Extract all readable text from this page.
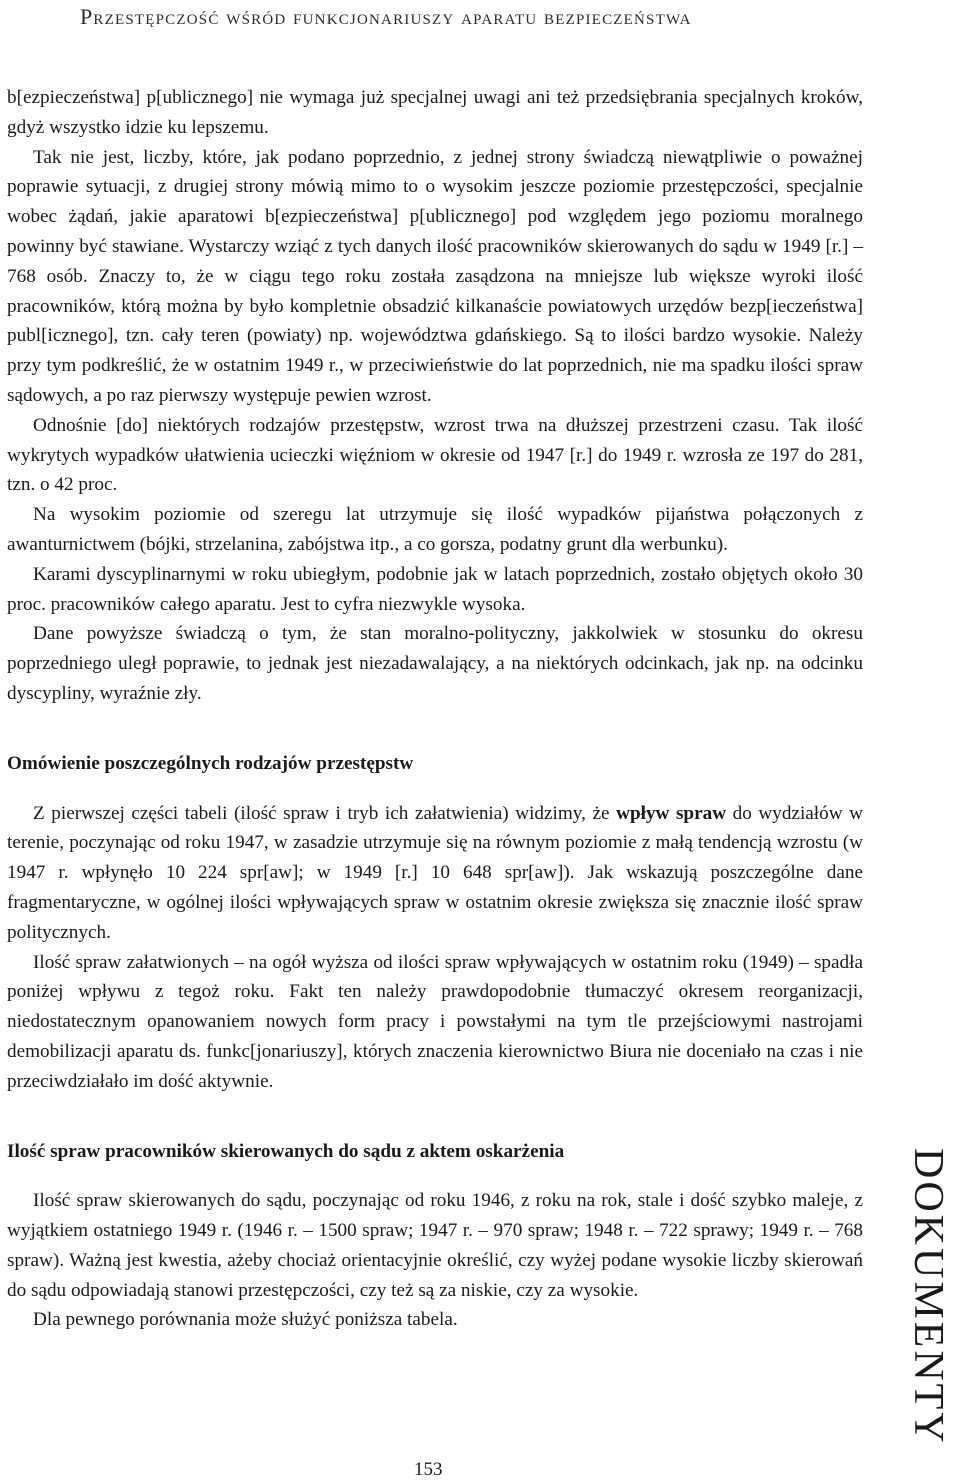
Przestępczość wśród funkcjonariuszy aparatu bezpieczeństwa

b[ezpieczeństwa] p[ublicznego] nie wymaga już specjalnej uwagi ani też przedsiębrania specjalnych kroków, gdyż wszystko idzie ku lepszemu.

Tak nie jest, liczby, które, jak podano poprzednio, z jednej strony świadczą niewątpliwie o poważnej poprawie sytuacji, z drugiej strony mówią mimo to o wysokim jeszcze poziomie przestępczości, specjalnie wobec żądań, jakie aparatowi b[ezpieczeństwa] p[ublicznego] pod względem jego poziomu moralnego powinny być stawiane. Wystarczy wziąć z tych danych ilość pracowników skierowanych do sądu w 1949 [r.] – 768 osób. Znaczy to, że w ciągu tego roku została zasądzona na mniejsze lub większe wyroki ilość pracowników, którą można by było kompletnie obsadzić kilkanaście powiatowych urzędów bezp[ieczeństwa] publ[icznego], tzn. cały teren (powiaty) np. województwa gdańskiego. Są to ilości bardzo wysokie. Należy przy tym podkreślić, że w ostatnim 1949 r., w przeciwieństwie do lat poprzednich, nie ma spadku ilości spraw sądowych, a po raz pierwszy występuje pewien wzrost.

Odnośnie [do] niektórych rodzajów przestępstw, wzrost trwa na dłuższej przestrzeni czasu. Tak ilość wykrytych wypadków ułatwienia ucieczki więźniom w okresie od 1947 [r.] do 1949 r. wzrosła ze 197 do 281, tzn. o 42 proc.

Na wysokim poziomie od szeregu lat utrzymuje się ilość wypadków pijaństwa połączonych z awanturnictwem (bójki, strzelanina, zabójstwa itp., a co gorsza, podatny grunt dla werbunku).

Karami dyscyplinarnymi w roku ubiegłym, podobnie jak w latach poprzednich, zostało objętych około 30 proc. pracowników całego aparatu. Jest to cyfra niezwykle wysoka.

Dane powyższe świadczą o tym, że stan moralno-polityczny, jakkolwiek w stosunku do okresu poprzedniego uległ poprawie, to jednak jest niezadawalający, a na niektórych odcinkach, jak np. na odcinku dyscypliny, wyraźnie zły.

Omówienie poszczególnych rodzajów przestępstw

Z pierwszej części tabeli (ilość spraw i tryb ich załatwienia) widzimy, że wpływ spraw do wydziałów w terenie, poczynając od roku 1947, w zasadzie utrzymuje się na równym poziomie z małą tendencją wzrostu (w 1947 r. wpłynęło 10 224 spr[aw]; w 1949 [r.] 10 648 spr[aw]). Jak wskazują poszczególne dane fragmentaryczne, w ogólnej ilości wpływających spraw w ostatnim okresie zwiększa się znacznie ilość spraw politycznych.

Ilość spraw załatwionych – na ogół wyższa od ilości spraw wpływających w ostatnim roku (1949) – spadła poniżej wpływu z tegoż roku. Fakt ten należy prawdopodobnie tłumaczyć okresem reorganizacji, niedostatecznym opanowaniem nowych form pracy i powstałymi na tym tle przejściowymi nastrojami demobilizacji aparatu ds. funkc[jonariuszy], których znaczenia kierownictwo Biura nie doceniało na czas i nie przeciwdziałało im dość aktywnie.

Ilość spraw pracowników skierowanych do sądu z aktem oskarżenia

Ilość spraw skierowanych do sądu, poczynając od roku 1946, z roku na rok, stale i dość szybko maleje, z wyjątkiem ostatniego 1949 r. (1946 r. – 1500 spraw; 1947 r. – 970 spraw; 1948 r. – 722 sprawy; 1949 r. – 768 spraw). Ważną jest kwestia, ażeby chociaż orientacyjnie określić, czy wyżej podane wysokie liczby skierowań do sądu odpowiadają stanowi przestępczości, czy też są za niskie, czy za wysokie.

Dla pewnego porównania może służyć poniższa tabela.	DOKUMENTY
153
